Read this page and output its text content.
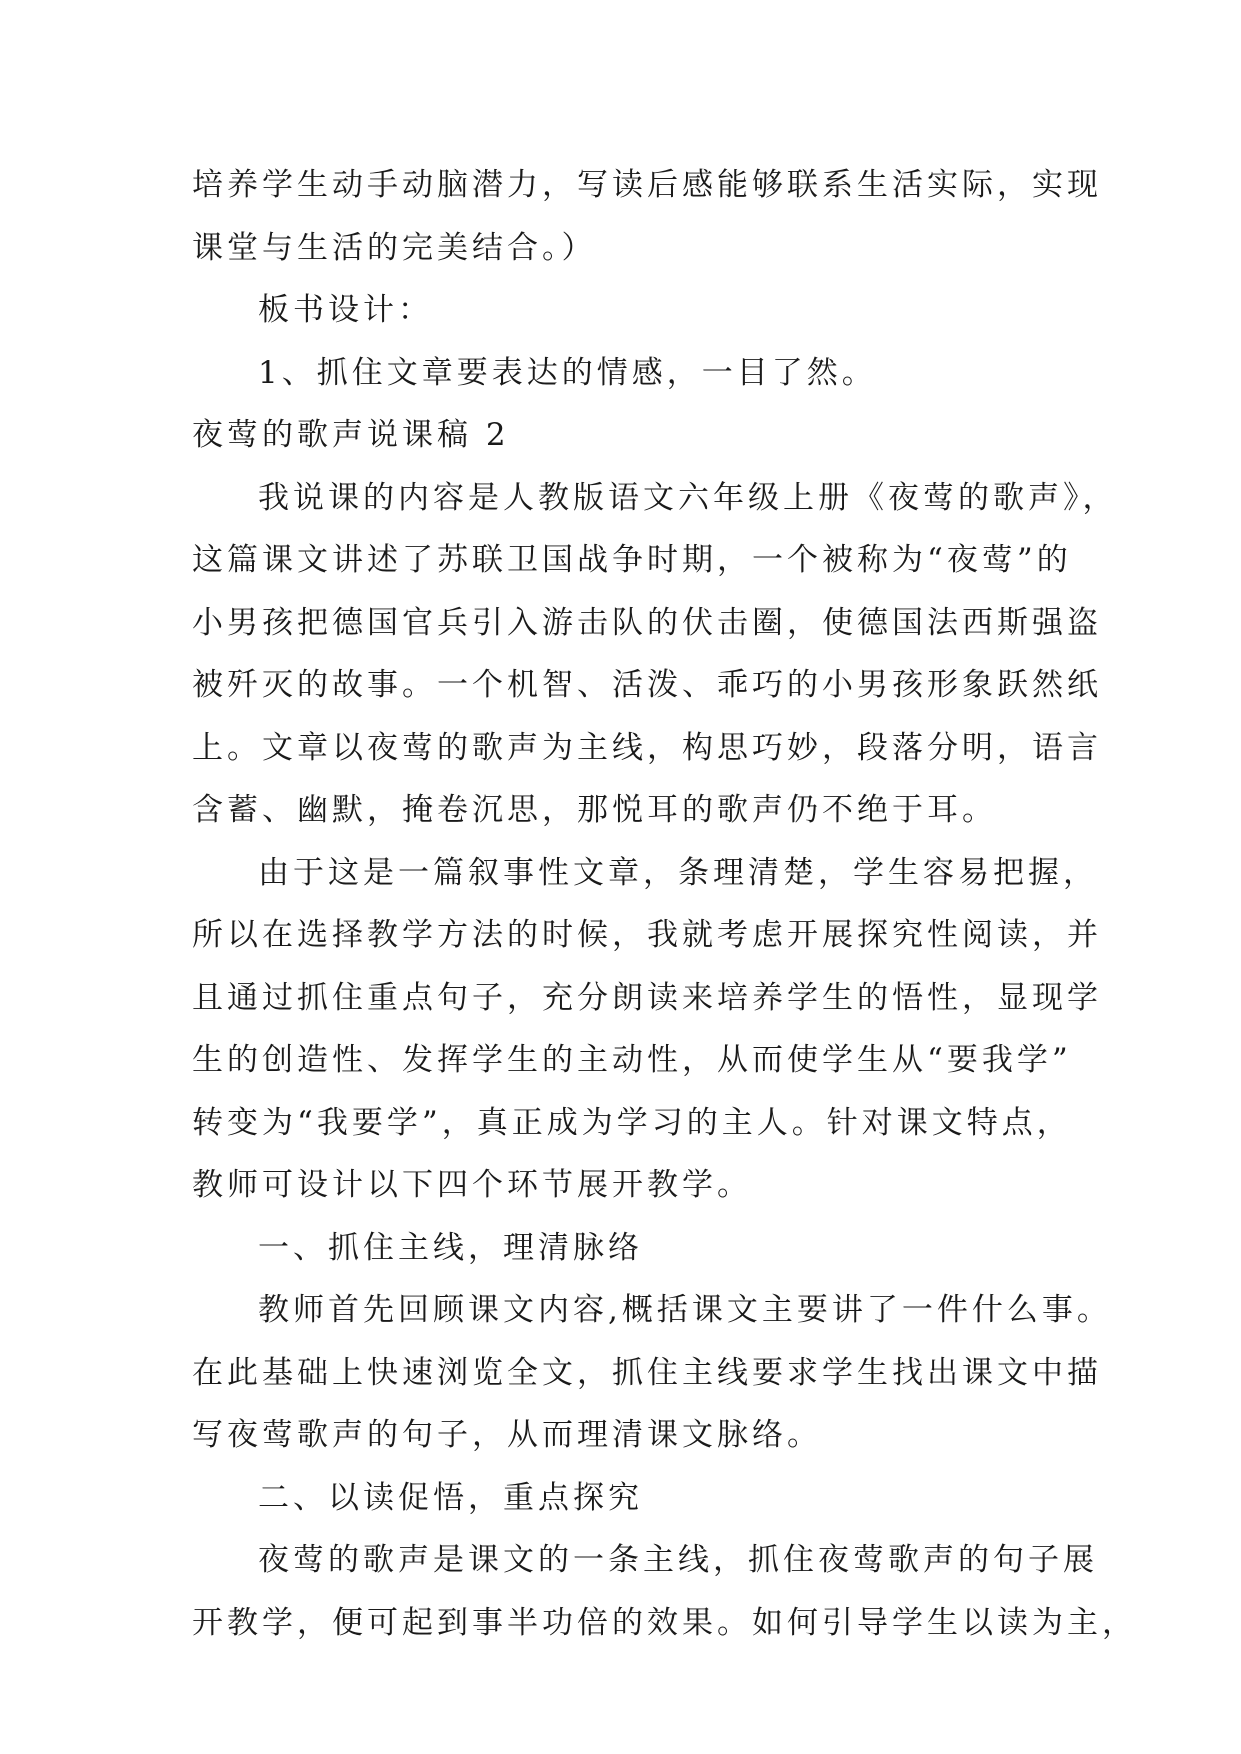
培养学生动手动脑潜力，写读后感能够联系生活实际，实现
课堂与生活的完美结合。）
板书设计：
1、抓住文章要表达的情感，一目了然。
夜莺的歌声说课稿 2
我说课的内容是人教版语文六年级上册《夜莺的歌声》，
这篇课文讲述了苏联卫国战争时期，一个被称为“夜莺”的
小男孩把德国官兵引入游击队的伏击圈，使德国法西斯强盗
被歼灭的故事。一个机智、活泼、乖巧的小男孩形象跃然纸
上。文章以夜莺的歌声为主线，构思巧妙，段落分明，语言
含蓄、幽默，掩卷沉思，那悦耳的歌声仍不绝于耳。
由于这是一篇叙事性文章，条理清楚，学生容易把握，
所以在选择教学方法的时候，我就考虑开展探究性阅读，并
且通过抓住重点句子，充分朗读来培养学生的悟性，显现学
生的创造性、发挥学生的主动性，从而使学生从“要我学”
转变为“我要学”，真正成为学习的主人。针对课文特点，
教师可设计以下四个环节展开教学。
一、抓住主线，理清脉络
教师首先回顾课文内容,概括课文主要讲了一件什么事。
在此基础上快速浏览全文，抓住主线要求学生找出课文中描
写夜莺歌声的句子，从而理清课文脉络。
二、以读促悟，重点探究
夜莺的歌声是课文的一条主线，抓住夜莺歌声的句子展
开教学，便可起到事半功倍的效果。如何引导学生以读为主，
